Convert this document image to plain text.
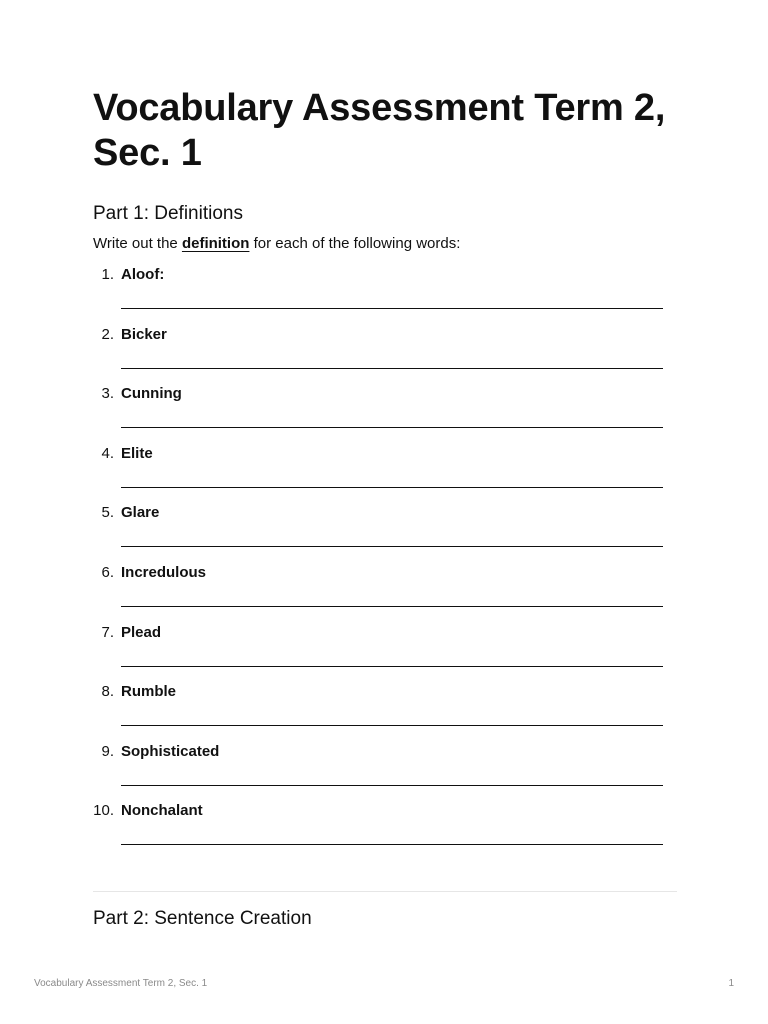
Vocabulary Assessment Term 2, Sec. 1
Part 1: Definitions
Write out the definition for each of the following words:
1. Aloof:
2. Bicker
3. Cunning
4. Elite
5. Glare
6. Incredulous
7. Plead
8. Rumble
9. Sophisticated
10. Nonchalant
Part 2: Sentence Creation
Vocabulary Assessment Term 2, Sec. 1	1
